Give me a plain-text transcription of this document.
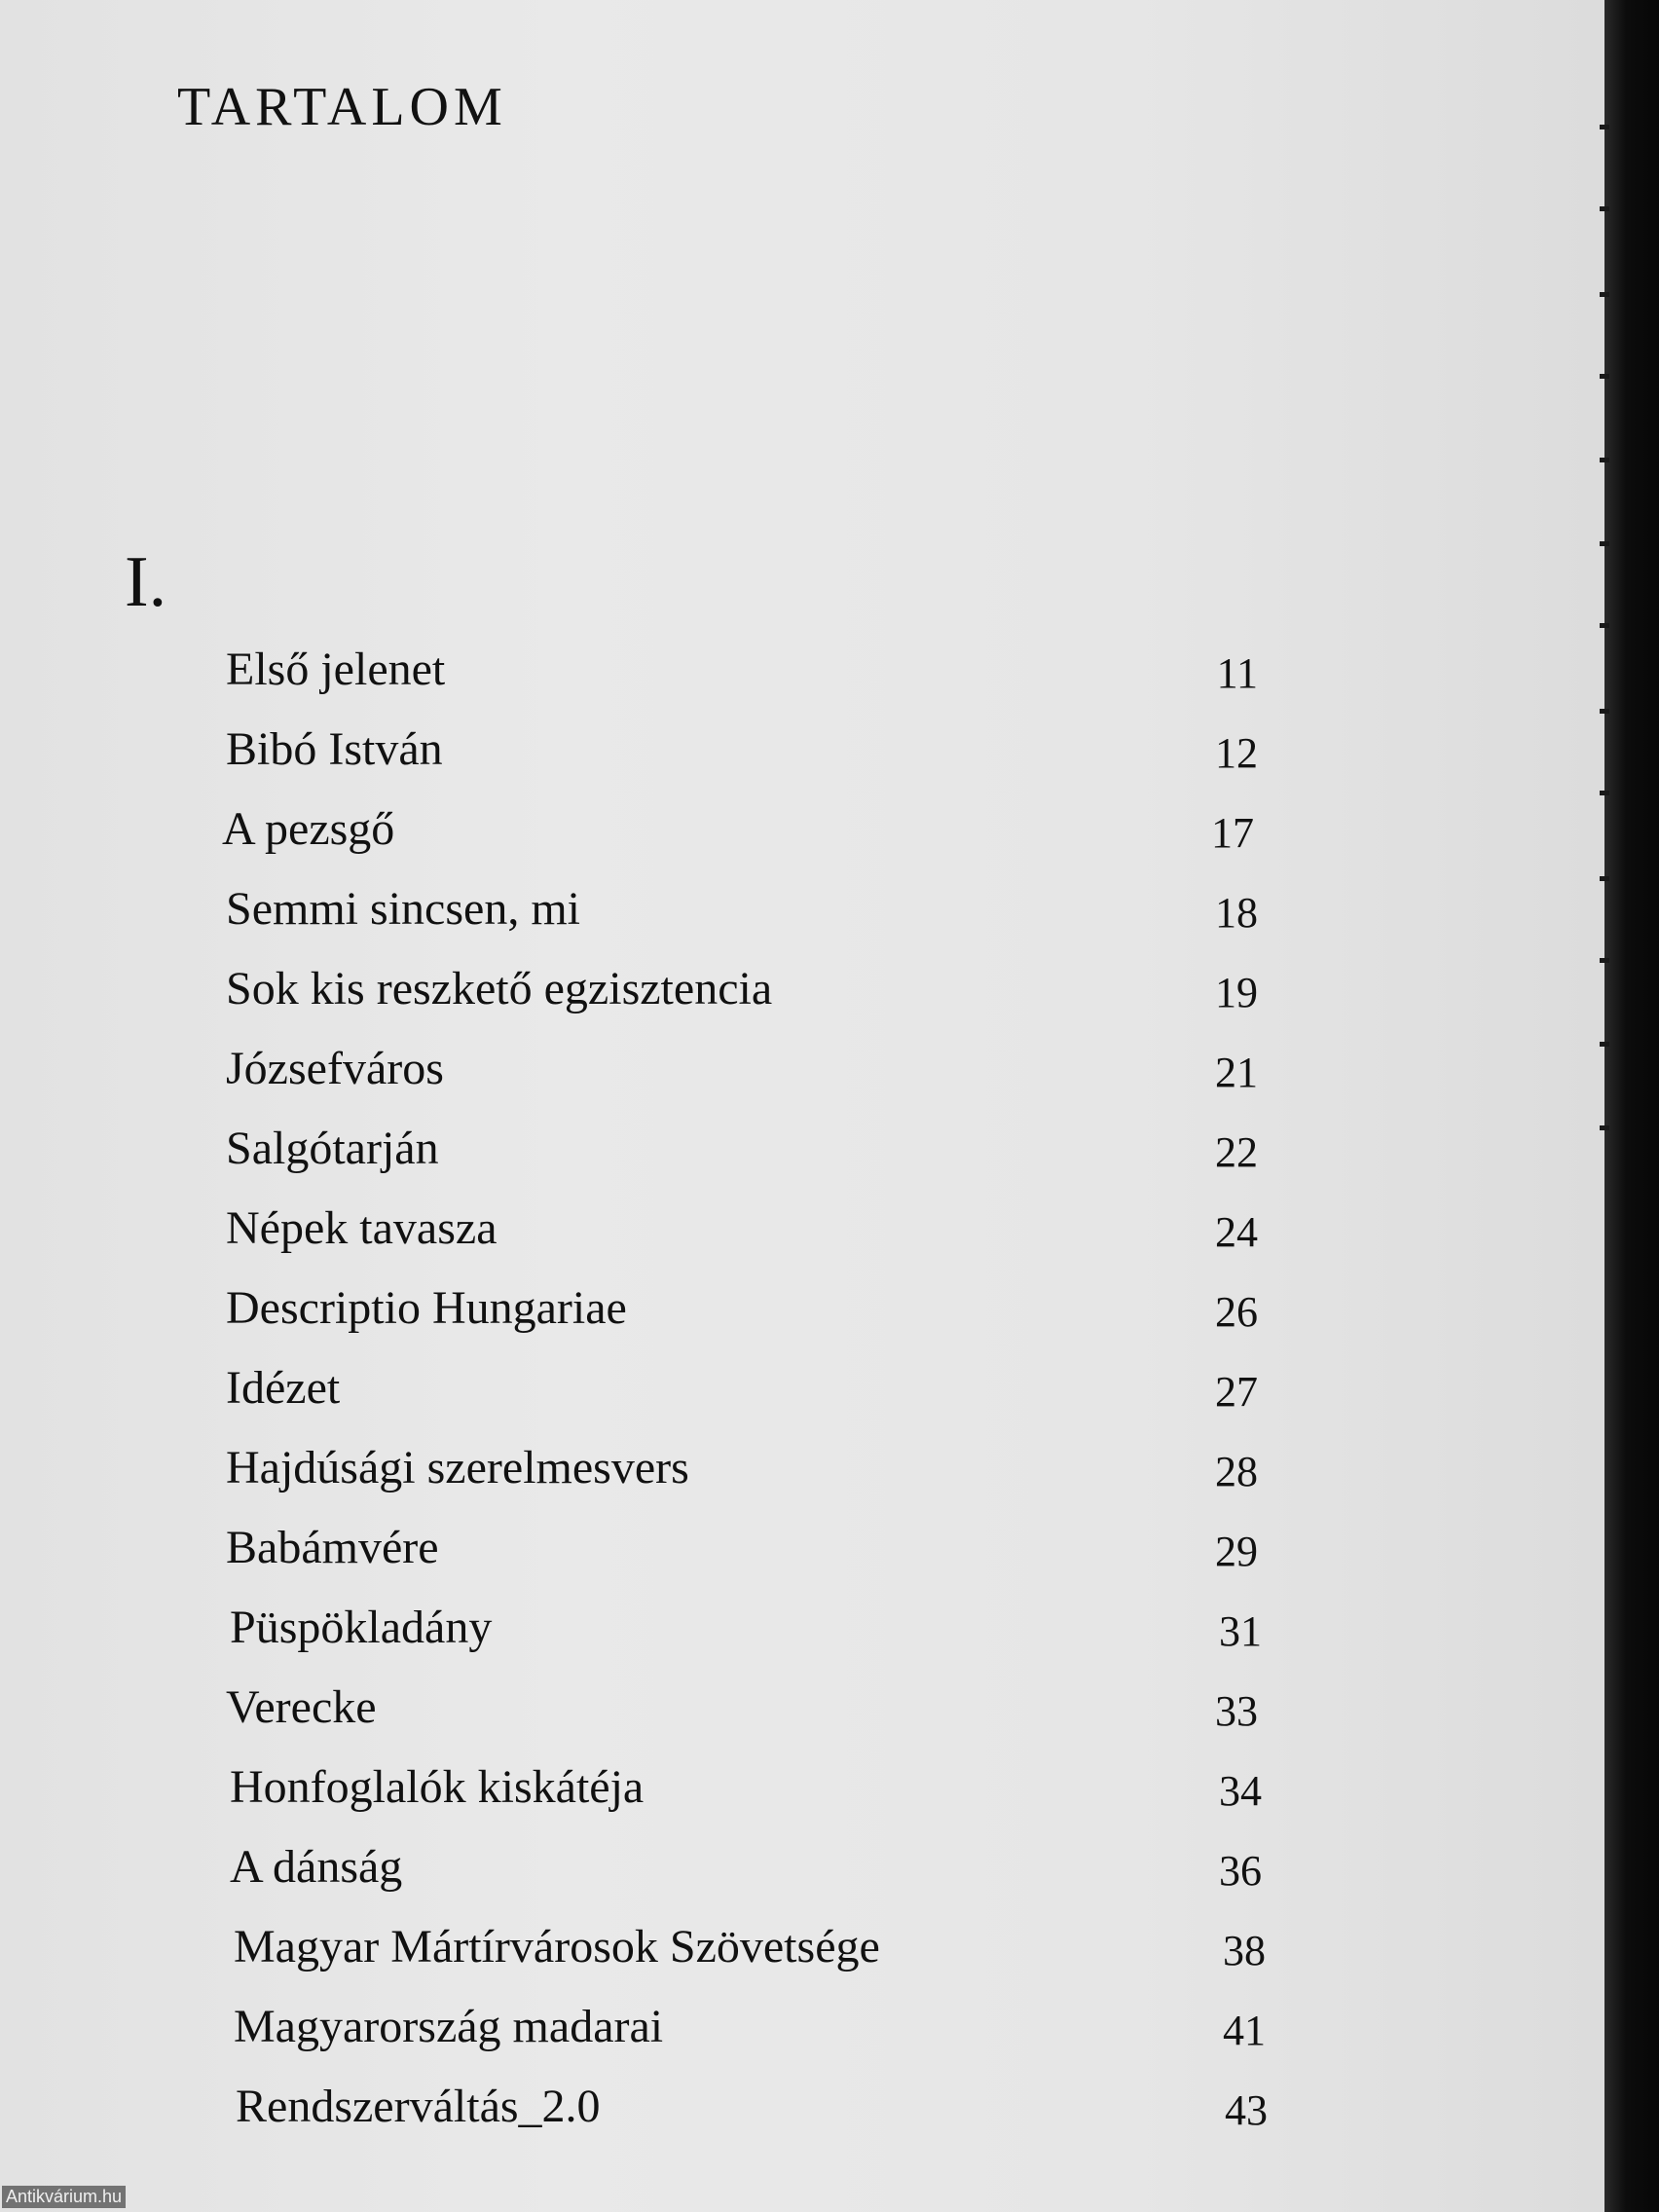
TARTALOM
I.
Első jelenet	11
Bibó István	12
A pezsgő	17
Semmi sincsen, mi	18
Sok kis reszkető egzisztencia	19
Józsefváros	21
Salgótarján	22
Népek tavasza	24
Descriptio Hungariae	26
Idézet	27
Hajdúsági szerelmesvers	28
Babámvére	29
Püspökladány	31
Verecke	33
Honfoglalók kiskátéja	34
A dánság	36
Magyar Mártírvárosok Szövetsége	38
Magyarország madarai	41
Rendszerváltás_2.0	43
Antikvárium.hu
